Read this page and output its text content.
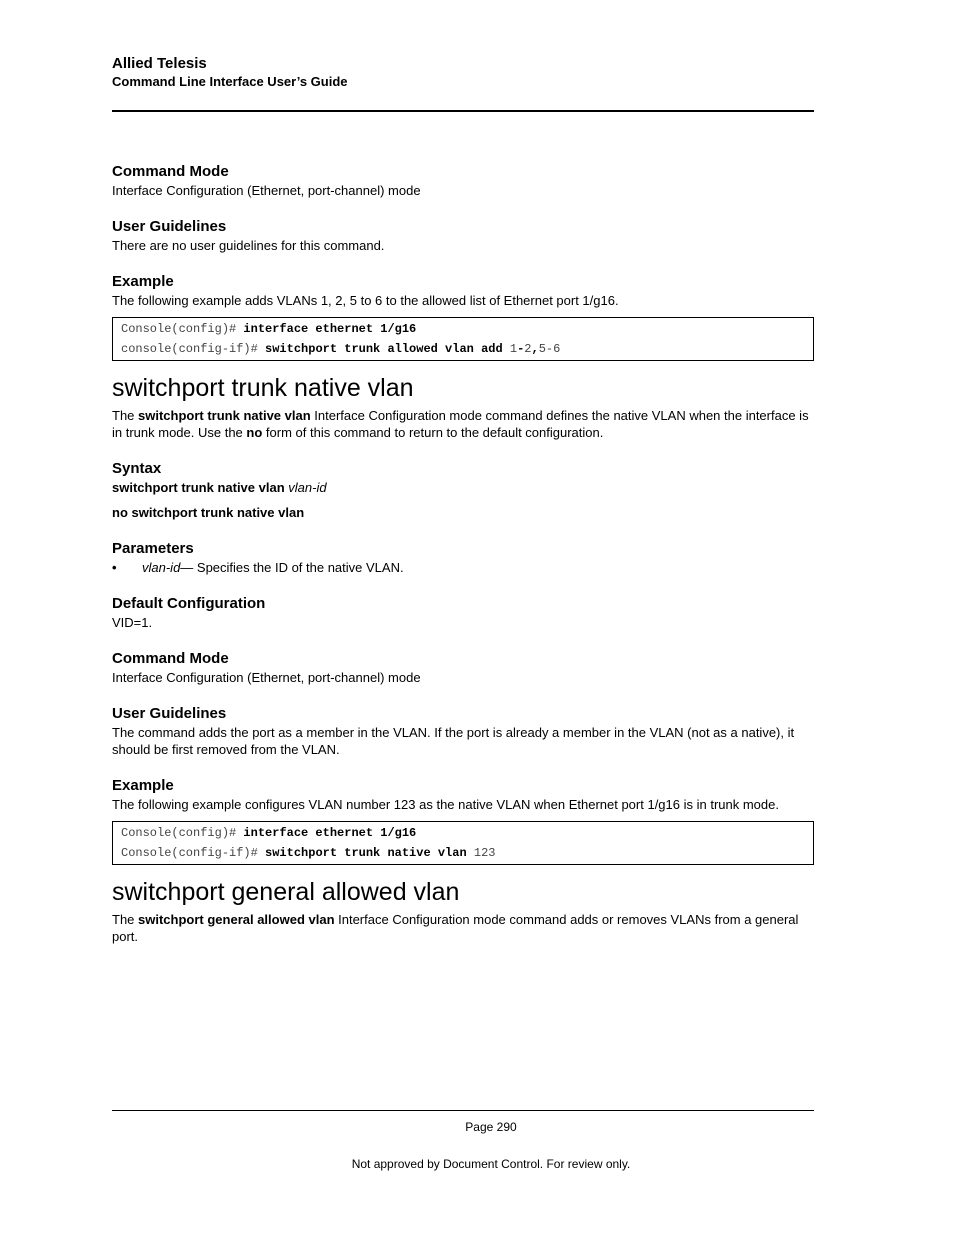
Allied Telesis
Command Line Interface User’s Guide
Command Mode

Interface Configuration (Ethernet, port-channel) mode

User Guidelines

There are no user guidelines for this command.

Example

The following example adds VLANs 1, 2, 5 to 6 to the allowed list of Ethernet port 1/g16.

Console(config)# interface ethernet 1/g16
console(config-if)# switchport trunk allowed vlan add 1-2,5-6
switchport trunk native vlan

The switchport trunk native vlan Interface Configuration mode command defines the native VLAN when the interface is in trunk mode. Use the no form of this command to return to the default configuration.

Syntax
switchport trunk native vlan vlan-id
no switchport trunk native vlan
Parameters
• vlan-id— Specifies the ID of the native VLAN.
Default Configuration

VID=1.

Command Mode

Interface Configuration (Ethernet, port-channel) mode

User Guidelines

The command adds the port as a member in the VLAN. If the port is already a member in the VLAN (not as a native), it should be first removed from the VLAN.

Example

The following example configures VLAN number 123 as the native VLAN when Ethernet port 1/g16 is in trunk mode.

Console(config)# interface ethernet 1/g16
Console(config-if)# switchport trunk native vlan 123
switchport general allowed vlan

The switchport general allowed vlan Interface Configuration mode command adds or removes VLANs from a general port.

Page 290
Not approved by Document Control. For review only.
